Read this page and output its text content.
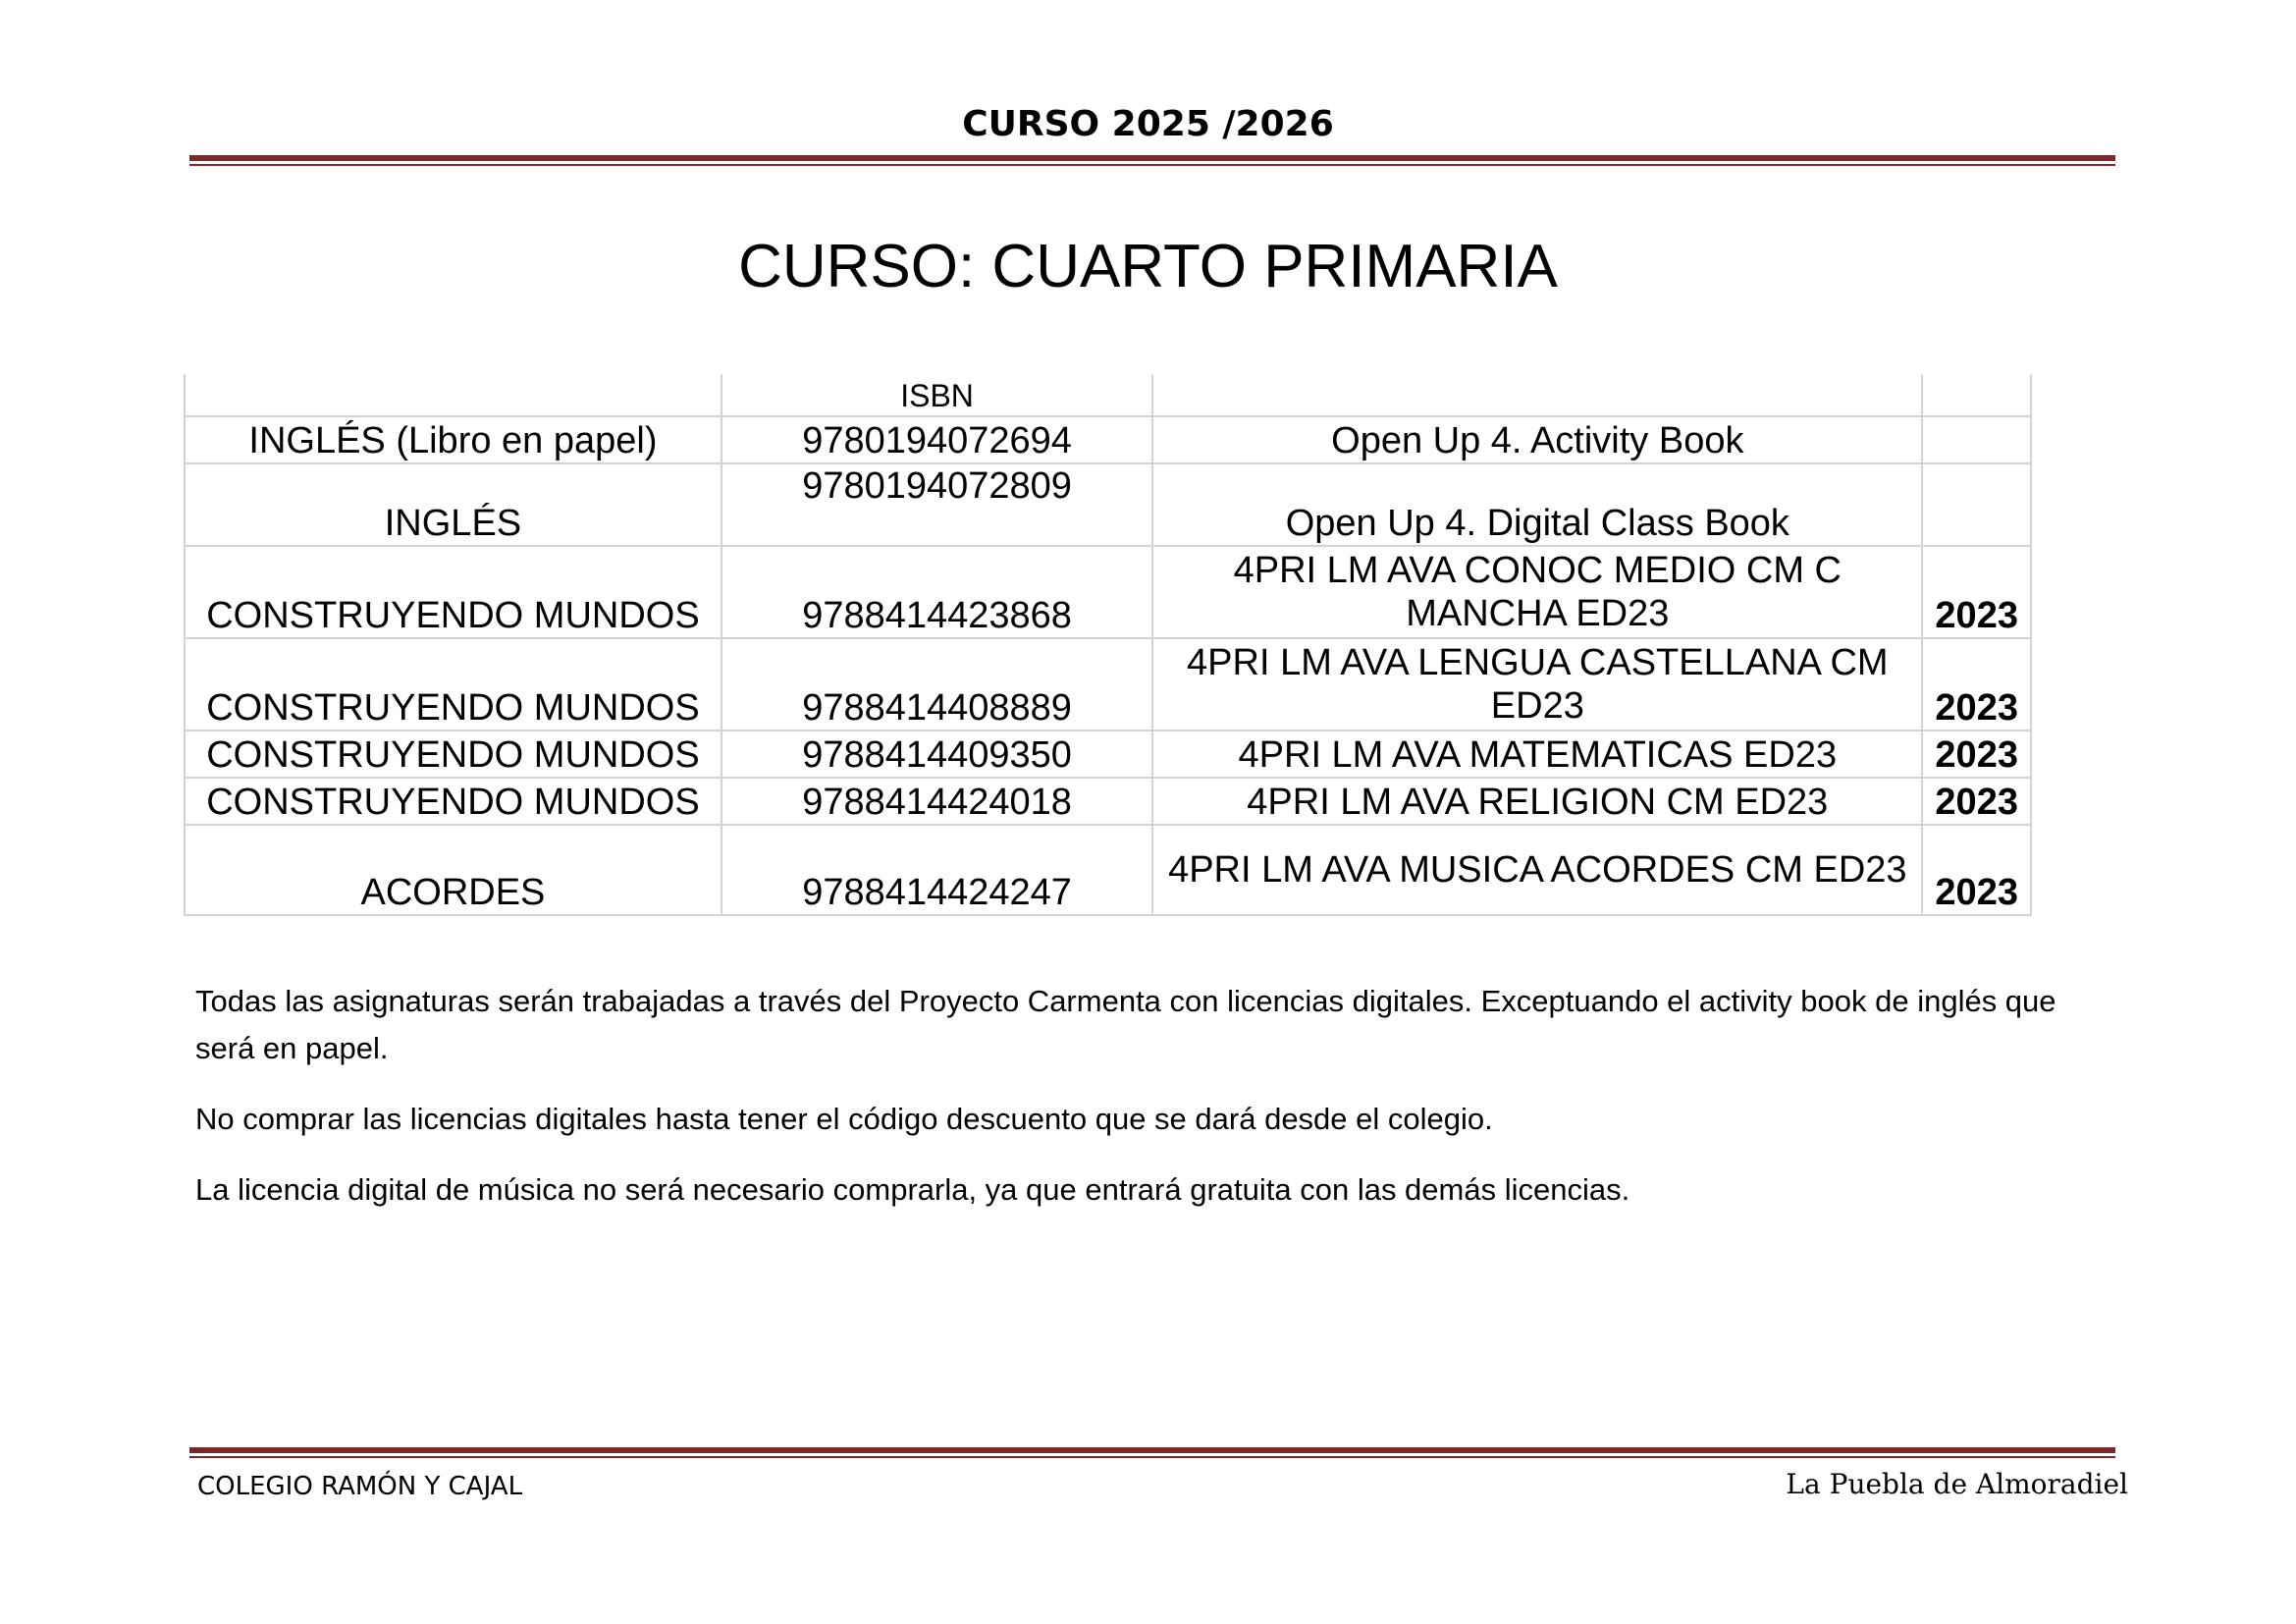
CURSO 2025 /2026
CURSO: CUARTO PRIMARIA
	ISBN		
INGLÉS (Libro en papel)	9780194072694	Open Up 4. Activity Book	
INGLÉS	9780194072809	Open Up 4. Digital Class Book	
CONSTRUYENDO MUNDOS	9788414423868	4PRI LM AVA CONOC MEDIO CM C MANCHA ED23	2023
CONSTRUYENDO MUNDOS	9788414408889	4PRI LM AVA LENGUA CASTELLANA CM ED23	2023
CONSTRUYENDO MUNDOS	9788414409350	4PRI LM AVA MATEMATICAS ED23	2023
CONSTRUYENDO MUNDOS	9788414424018	4PRI LM AVA RELIGION CM ED23	2023
ACORDES	9788414424247	4PRI LM AVA MUSICA ACORDES CM ED23	2023

Todas las asignaturas serán trabajadas a través del Proyecto Carmenta con licencias digitales. Exceptuando el activity book de inglés que será en papel.

No comprar las licencias digitales hasta tener el código descuento que se dará desde el colegio.

La licencia digital de música no será necesario comprarla, ya que entrará gratuita con las demás licencias.

COLEGIO RAMÓN Y CAJAL	La Puebla de Almoradiel
